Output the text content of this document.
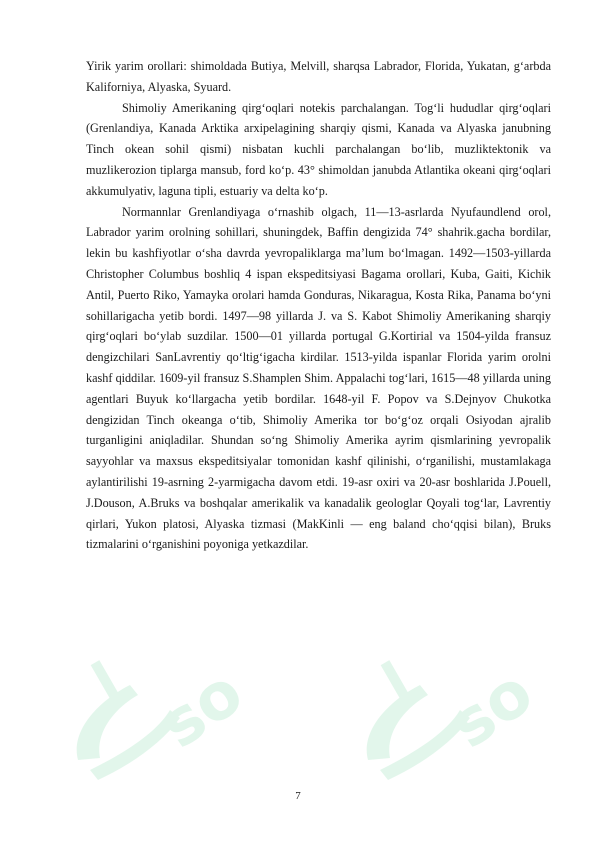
so	so

Yirik yarim orollari: shimoldada Butiya, Melvill, sharqsa Labrador, Florida, Yukatan, g‘arbda Kaliforniya, Alyaska, Syuard.

Shimoliy Amerikaning qirg‘oqlari notekis parchalangan. Tog‘li hududlar qirg‘oqlari (Grenlandiya, Kanada Arktika arxipelagining sharqiy qismi, Kanada va Alyaska janubning Tinch okean sohil qismi) nisbatan kuchli parchalangan bo‘lib, muzliktektonik va muzlikerozion tiplarga mansub, ford ko‘p. 43° shimoldan janubda Atlantika okeani qirg‘oqlari akkumulyativ, laguna tipli, estuariy va delta ko‘p.

Normannlar Grenlandiyaga o‘rnashib olgach, 11—13-asrlarda Nyufaundlend orol, Labrador yarim orolning sohillari, shuningdek, Baffin dengizida 74° shahrik.gacha bordilar, lekin bu kashfiyotlar o‘sha davrda yevropaliklarga ma’lum bo‘lmagan. 1492—1503-yillarda Christopher Columbus boshliq 4 ispan ekspeditsiyasi Bagama orollari, Kuba, Gaiti, Kichik Antil, Puerto Riko, Yamayka orolari hamda Gonduras, Nikaragua, Kosta Rika, Panama bo‘yni sohillarigacha yetib bordi. 1497—98 yillarda J. va S. Kabot Shimoliy Amerikaning sharqiy qirg‘oqlari bo‘ylab suzdilar. 1500—01 yillarda portugal G.Kortirial va 1504-yilda fransuz dengizchilari SanLavrentiy qo‘ltig‘igacha kirdilar. 1513-yilda ispanlar Florida yarim orolni kashf qiddilar. 1609-yil fransuz S.Shamplen Shim. Appalachi tog‘lari, 1615—48 yillarda uning agentlari Buyuk ko‘llargacha yetib bordilar. 1648-yil F. Popov va S.Dejnyov Chukotka dengizidan Tinch okeanga o‘tib, Shimoliy Amerika tor bo‘g‘oz orqali Osiyodan ajralib turganligini aniqladilar. Shundan so‘ng Shimoliy Amerika ayrim qismlarining yevropalik sayyohlar va maxsus ekspeditsiyalar tomonidan kashf qilinishi, o‘rganilishi, mustamlakaga aylantirilishi 19-asrning 2-yarmigacha davom etdi. 19-asr oxiri va 20-asr boshlarida J.Pouell, J.Douson, A.Bruks va boshqalar amerikalik va kanadalik geologlar Qoyali tog‘lar, Lavrentiy qirlari, Yukon platosi, Alyaska tizmasi (MakKinli — eng baland cho‘qqisi bilan), Bruks tizmalarini o‘rganishini poyoniga yetkazdilar.

7
